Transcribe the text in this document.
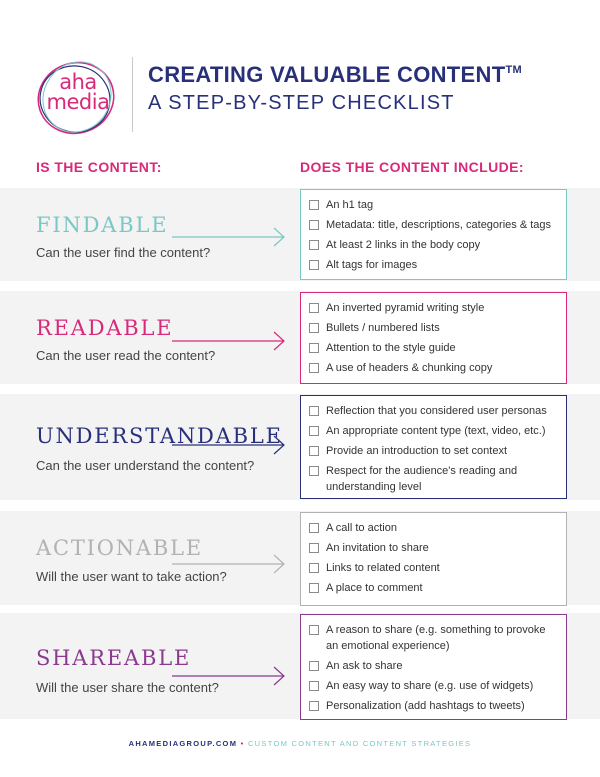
aha
media
CREATING VALUABLE CONTENT™
A STEP-BY-STEP CHECKLIST
IS THE CONTENT:	DOES THE CONTENT INCLUDE:
FINDABLE
Can the user find the content?
An h1 tag
Metadata: title, descriptions, categories & tags
At least 2 links in the body copy
Alt tags for images
READABLE
Can the user read the content?
An inverted pyramid writing style
Bullets / numbered lists
Attention to the style guide
A use of headers & chunking copy
UNDERSTANDABLE
Can the user understand the content?
Reflection that you considered user personas
An appropriate content type (text, video, etc.)
Provide an introduction to set context
Respect for the audience's reading and understanding level
ACTIONABLE
Will the user want to take action?
A call to action
An invitation to share
Links to related content
A place to comment
SHAREABLE
Will the user share the content?
A reason to share (e.g. something to provoke an emotional experience)
An ask to share
An easy way to share (e.g. use of widgets)
Personalization (add hashtags to tweets)
AHAMEDIAGROUP.COM • CUSTOM CONTENT AND CONTENT STRATEGIES
